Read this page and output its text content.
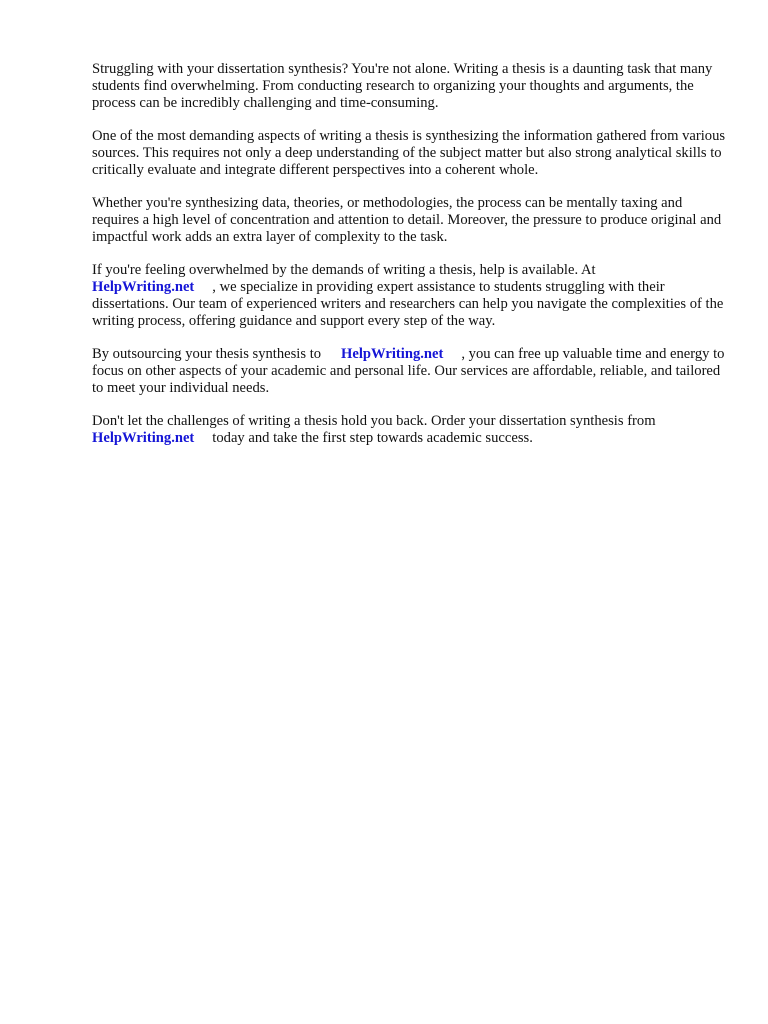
Struggling with your dissertation synthesis? You're not alone. Writing a thesis is a daunting task that many students find overwhelming. From conducting research to organizing your thoughts and arguments, the process can be incredibly challenging and time-consuming.

One of the most demanding aspects of writing a thesis is synthesizing the information gathered from various sources. This requires not only a deep understanding of the subject matter but also strong analytical skills to critically evaluate and integrate different perspectives into a coherent whole.

Whether you're synthesizing data, theories, or methodologies, the process can be mentally taxing and requires a high level of concentration and attention to detail. Moreover, the pressure to produce original and impactful work adds an extra layer of complexity to the task.

If you're feeling overwhelmed by the demands of writing a thesis, help is available. At
HelpWriting.net , we specialize in providing expert assistance to students struggling with their dissertations. Our team of experienced writers and researchers can help you navigate the complexities of the writing process, offering guidance and support every step of the way.

By outsourcing your thesis synthesis to HelpWriting.net , you can free up valuable time and energy to focus on other aspects of your academic and personal life. Our services are affordable, reliable, and tailored to meet your individual needs.

Don't let the challenges of writing a thesis hold you back. Order your dissertation synthesis from
HelpWriting.net today and take the first step towards academic success.
